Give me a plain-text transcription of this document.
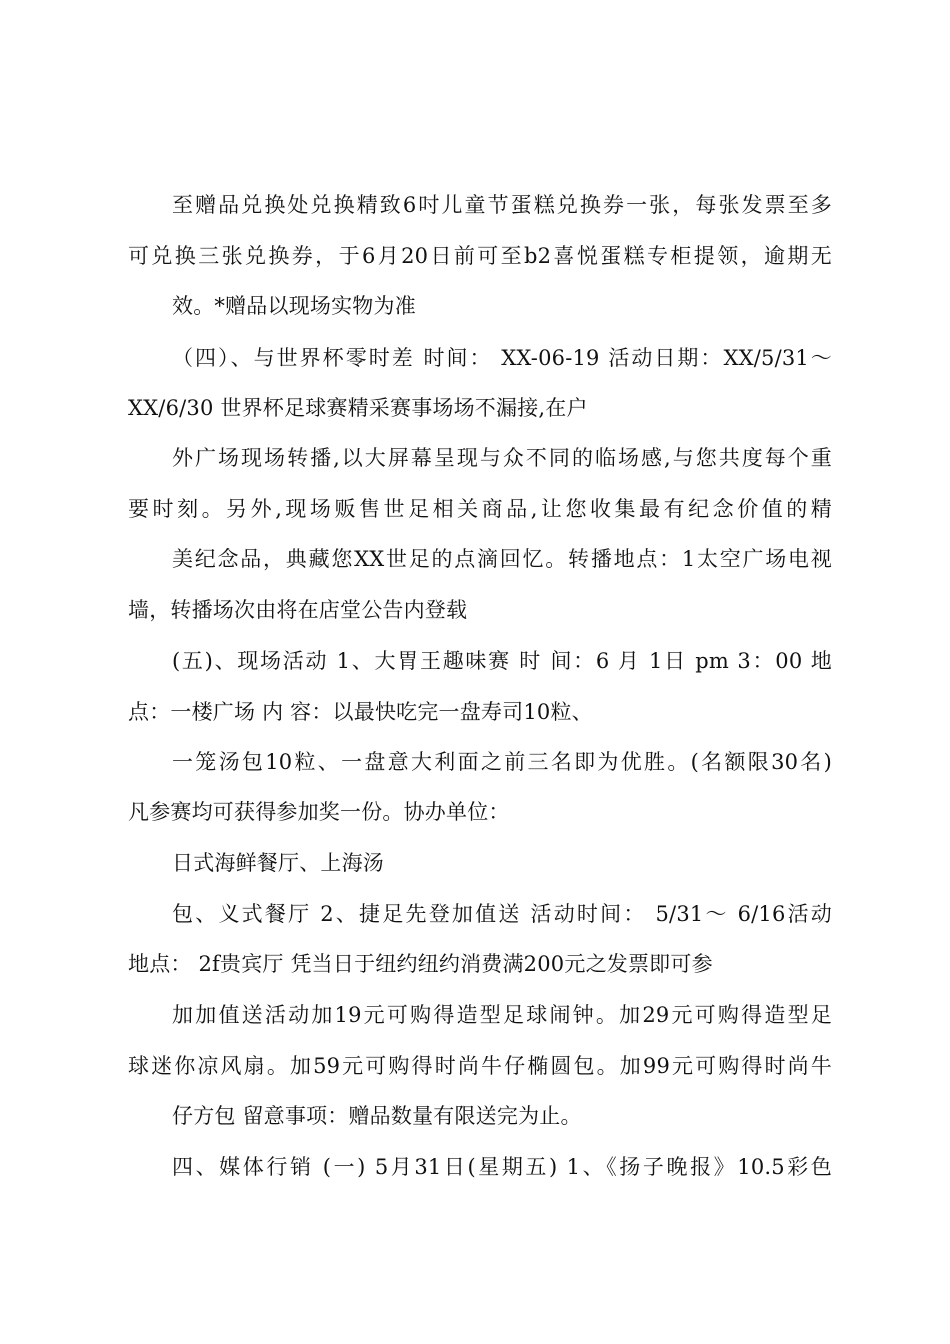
至赠品兑换处兑换精致6吋儿童节蛋糕兑换券一张，每张发票至多
可兑换三张兑换券，于6月20日前可至b2喜悦蛋糕专柜提领，逾期无
效。*赠品以现场实物为准
（四）、与世界杯零时差 时间： XX-06-19 活动日期：XX/5/31～
XX/6/30 世界杯足球赛精采赛事场场不漏接,在户
外广场现场转播,以大屏幕呈现与众不同的临场感,与您共度每个重
要时刻。另外,现场贩售世足相关商品,让您收集最有纪念价值的精
美纪念品，典藏您XX世足的点滴回忆。转播地点：1太空广场电视
墙，转播场次由将在店堂公告内登载
(五)、现场活动 1、大胃王趣味赛 时 间：6 月 1日 pm 3：00 地
点：一楼广场 内 容：以最快吃完一盘寿司10粒、
一笼汤包10粒、一盘意大利面之前三名即为优胜。(名额限30名)
凡参赛均可获得参加奖一份。协办单位：
日式海鲜餐厅、上海汤
包、义式餐厅 2、捷足先登加值送 活动时间： 5/31～ 6/16活动
地点： 2f贵宾厅 凭当日于纽约纽约消费满200元之发票即可参
加加值送活动加19元可购得造型足球闹钟。加29元可购得造型足
球迷你凉风扇。加59元可购得时尚牛仔椭圆包。加99元可购得时尚牛
仔方包 留意事项：赠品数量有限送完为止。
四、媒体行销 (一) 5月31日(星期五) 1、《扬子晚报》10.5彩色
